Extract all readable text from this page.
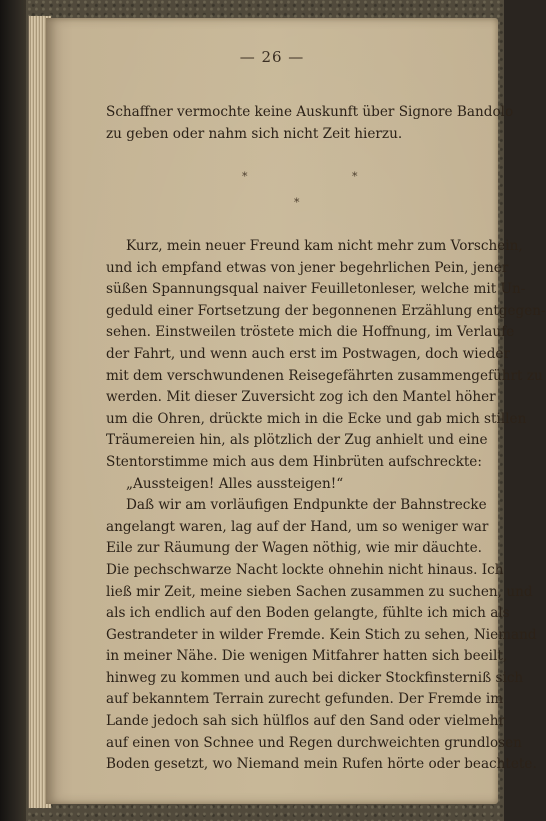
— 26 —
Schaffner vermochte keine Auskunft über Signore Bandolo
zu geben oder nahm sich nicht Zeit hierzu.
*	*
*
Kurz, mein neuer Freund kam nicht mehr zum Vorschein,
und ich empfand etwas von jener begehrlichen Pein, jener
süßen Spannungsqual naiver Feuilletonleser, welche mit Un-
geduld einer Fortsetzung der begonnenen Erzählung entgegen-
sehen. Einstweilen tröstete mich die Hoffnung, im Verlaufe
der Fahrt, und wenn auch erst im Postwagen, doch wieder
mit dem verschwundenen Reisegefährten zusammengeführt zu
werden. Mit dieser Zuversicht zog ich den Mantel höher
um die Ohren, drückte mich in die Ecke und gab mich stillen
Träumereien hin, als plötzlich der Zug anhielt und eine
Stentorstimme mich aus dem Hinbrüten aufschreckte:
„Aussteigen! Alles aussteigen!“
Daß wir am vorläufigen Endpunkte der Bahnstrecke
angelangt waren, lag auf der Hand, um so weniger war
Eile zur Räumung der Wagen nöthig, wie mir däuchte.
Die pechschwarze Nacht lockte ohnehin nicht hinaus. Ich
ließ mir Zeit, meine sieben Sachen zusammen zu suchen, und
als ich endlich auf den Boden gelangte, fühlte ich mich als
Gestrandeter in wilder Fremde. Kein Stich zu sehen, Niemand
in meiner Nähe. Die wenigen Mitfahrer hatten sich beeilt,
hinweg zu kommen und auch bei dicker Stockfinsterniß sich
auf bekanntem Terrain zurecht gefunden. Der Fremde im
Lande jedoch sah sich hülflos auf den Sand oder vielmehr
auf einen von Schnee und Regen durchweichten grundlosen
Boden gesetzt, wo Niemand mein Rufen hörte oder beachtete.
